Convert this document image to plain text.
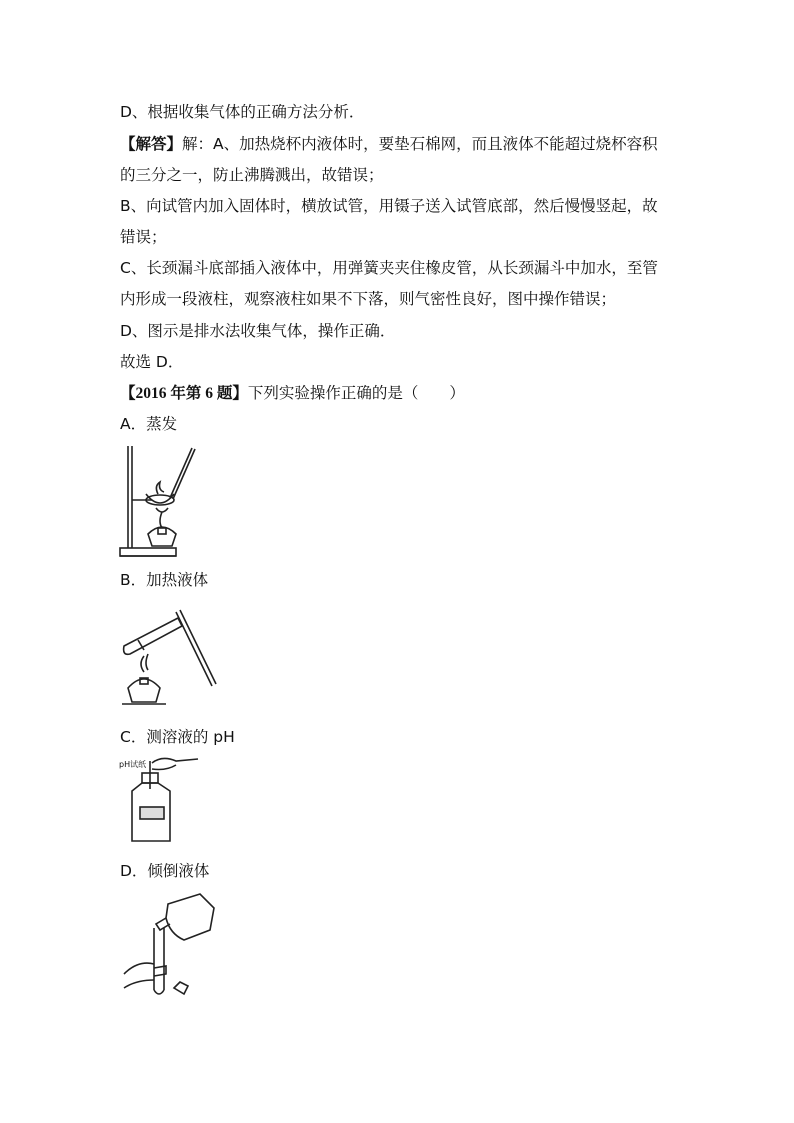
D、根据收集气体的正确方法分析．
【解答】解：A、加热烧杯内液体时，要垫石棉网，而且液体不能超过烧杯容积
的三分之一，防止沸腾溅出，故错误；
B、向试管内加入固体时，横放试管，用镊子送入试管底部，然后慢慢竖起，故
错误；
C、长颈漏斗底部插入液体中，用弹簧夹夹住橡皮管，从长颈漏斗中加水，至管
内形成一段液柱，观察液柱如果不下落，则气密性良好，图中操作错误；
D、图示是排水法收集气体，操作正确．
故选 D．
【2016 年第 6 题】下列实验操作正确的是（　　）
A．蒸发
B．加热液体
C．测溶液的 pH
pH试纸
D．倾倒液体
